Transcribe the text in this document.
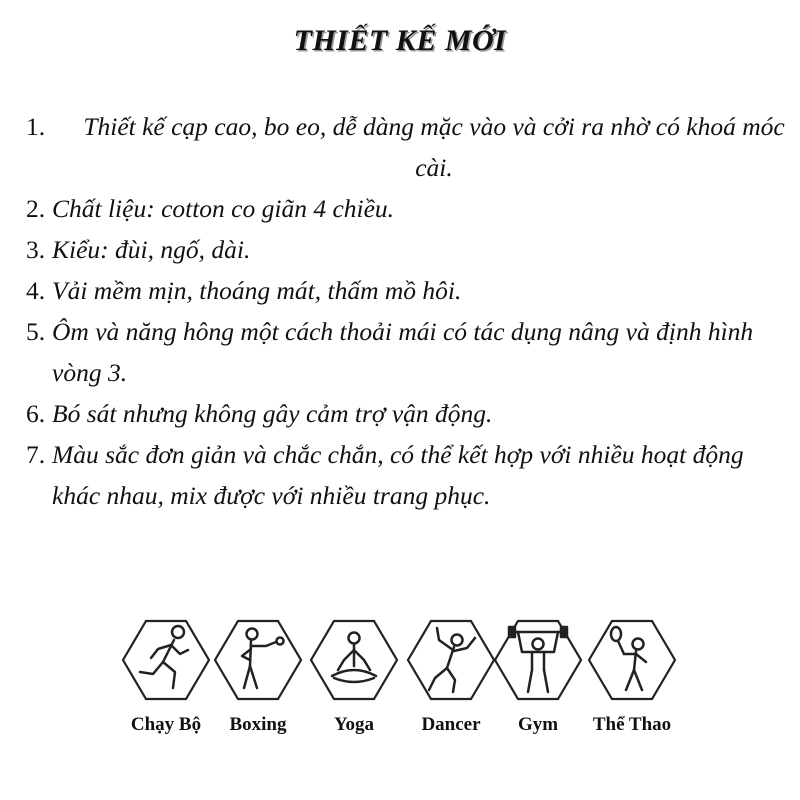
THIẾT KẾ MỚI
1.	Thiết kế cạp cao, bo eo, dễ dàng mặc vào và cởi ra nhờ có khoá móc cài.
2. Chất liệu: cotton co giãn 4 chiều.
3. Kiểu: đùi, ngố, dài.
4. Vải mềm mịn, thoáng mát, thấm mồ hôi.
5. Ôm và năng hông một cách thoải mái có tác dụng nâng và định hình vòng 3.
6. Bó sát nhưng không gây cảm trợ vận động.
7. Màu sắc đơn giản và chắc chắn, có thể kết hợp với nhiều hoạt động khác nhau, mix được với nhiều trang phục.
Chạy Bộ	Boxing	Yoga	Dancer	Gym	Thể Thao
